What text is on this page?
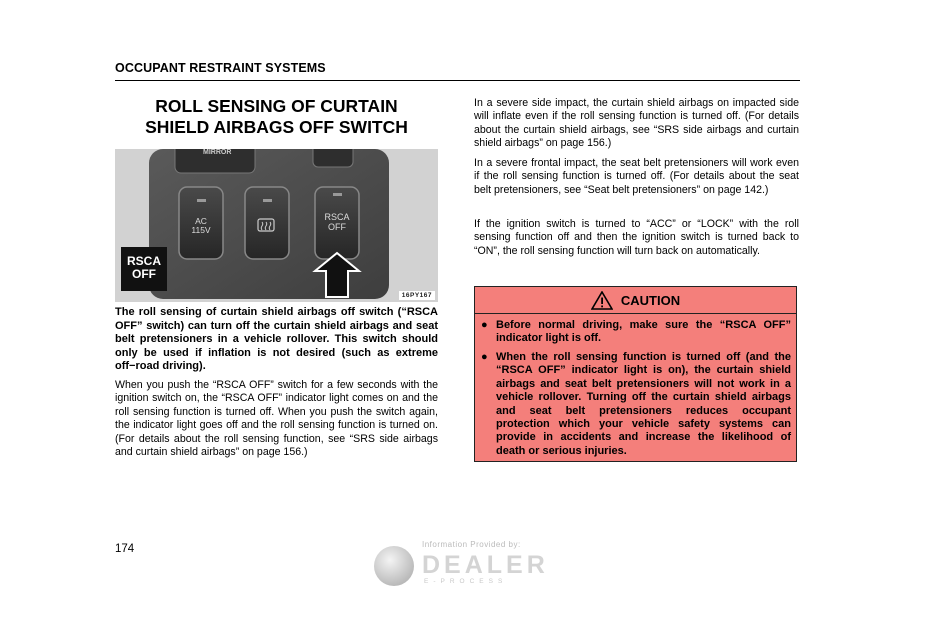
OCCUPANT RESTRAINT SYSTEMS
ROLL SENSING OF CURTAIN
SHIELD AIRBAGS OFF SWITCH
MIRROR
AC
115V
RSCA
OFF
RSCA
OFF
16PY167
The roll sensing of curtain shield airbags off switch (“RSCA OFF” switch) can turn off the curtain shield airbags and seat belt pretensioners in a vehicle rollover. This switch should only be used if inflation is not desired (such as extreme off−road driving).
When you push the “RSCA OFF” switch for a few seconds with the ignition switch on, the “RSCA OFF” indicator light comes on and the roll sensing function is turned off. When you push the switch again, the indicator light goes off and the roll sensing function is turned on. (For details about the roll sensing function, see “SRS side airbags and curtain shield airbags” on page 156.)
In a severe side impact, the curtain shield airbags on impacted side will inflate even if the roll sensing function is turned off. (For details about the curtain shield airbags, see “SRS side airbags and curtain shield airbags” on page 156.)
In a severe frontal impact, the seat belt pretensioners will work even if the roll sensing function is turned off. (For details about the seat belt pretensioners, see “Seat belt pretensioners” on page 142.)
If the ignition switch is turned to “ACC” or “LOCK” with the roll sensing function off and then the ignition switch is turned back to “ON”, the roll sensing function will turn back on automatically.
CAUTION
● Before normal driving, make sure the “RSCA OFF” indicator light is off.
● When the roll sensing function is turned off (and the “RSCA OFF” indicator light is on), the curtain shield airbags and seat belt pretensioners will not work in a vehicle rollover. Turning off the curtain shield airbags and seat belt pretensioners reduces occupant protection which your vehicle safety systems can provide in accidents and increase the likelihood of death or serious injuries.
174	Information Provided by:
DEALER
E-PROCESS
